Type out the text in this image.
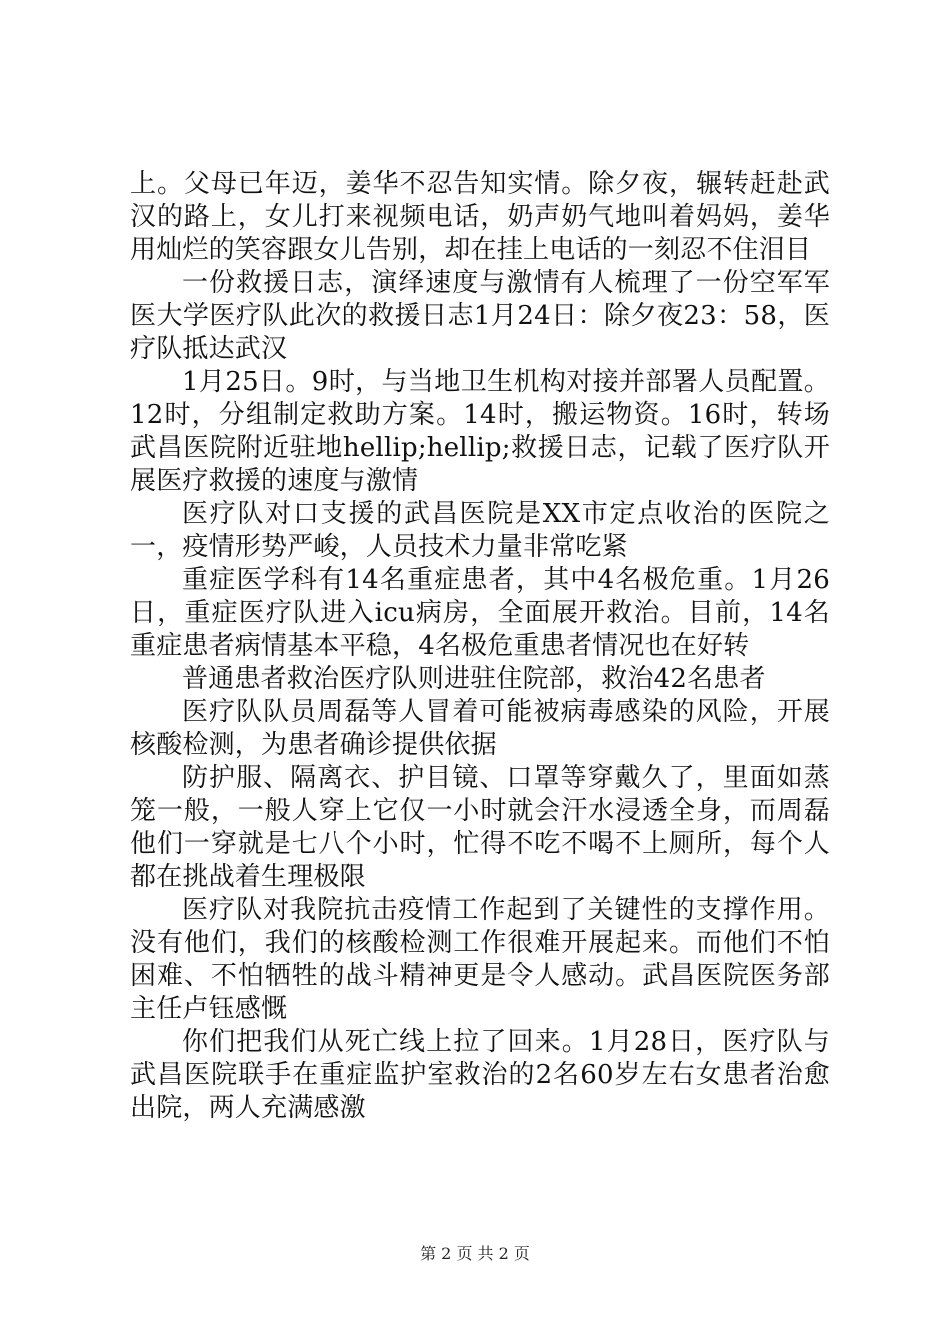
上。父母已年迈，姜华不忍告知实情。除夕夜，辗转赶赴武汉的路上，女儿打来视频电话，奶声奶气地叫着妈妈，姜华用灿烂的笑容跟女儿告别，却在挂上电话的一刻忍不住泪目

一份救援日志，演绎速度与激情有人梳理了一份空军军医大学医疗队此次的救援日志1月24日：除夕夜23：58，医疗队抵达武汉

1月25日。9时，与当地卫生机构对接并部署人员配置。12时，分组制定救助方案。14时，搬运物资。16时，转场武昌医院附近驻地hellip;hellip;救援日志，记载了医疗队开展医疗救援的速度与激情

医疗队对口支援的武昌医院是XX市定点收治的医院之一，疫情形势严峻，人员技术力量非常吃紧

重症医学科有14名重症患者，其中4名极危重。1月26日，重症医疗队进入icu病房，全面展开救治。目前，14名重症患者病情基本平稳，4名极危重患者情况也在好转

普通患者救治医疗队则进驻住院部，救治42名患者

医疗队队员周磊等人冒着可能被病毒感染的风险，开展核酸检测，为患者确诊提供依据

防护服、隔离衣、护目镜、口罩等穿戴久了，里面如蒸笼一般，一般人穿上它仅一小时就会汗水浸透全身，而周磊他们一穿就是七八个小时，忙得不吃不喝不上厕所，每个人都在挑战着生理极限

医疗队对我院抗击疫情工作起到了关键性的支撑作用。没有他们，我们的核酸检测工作很难开展起来。而他们不怕困难、不怕牺牲的战斗精神更是令人感动。武昌医院医务部主任卢钰感慨

你们把我们从死亡线上拉了回来。1月28日，医疗队与武昌医院联手在重症监护室救治的2名60岁左右女患者治愈出院，两人充满感激

第 2 页 共 2 页
